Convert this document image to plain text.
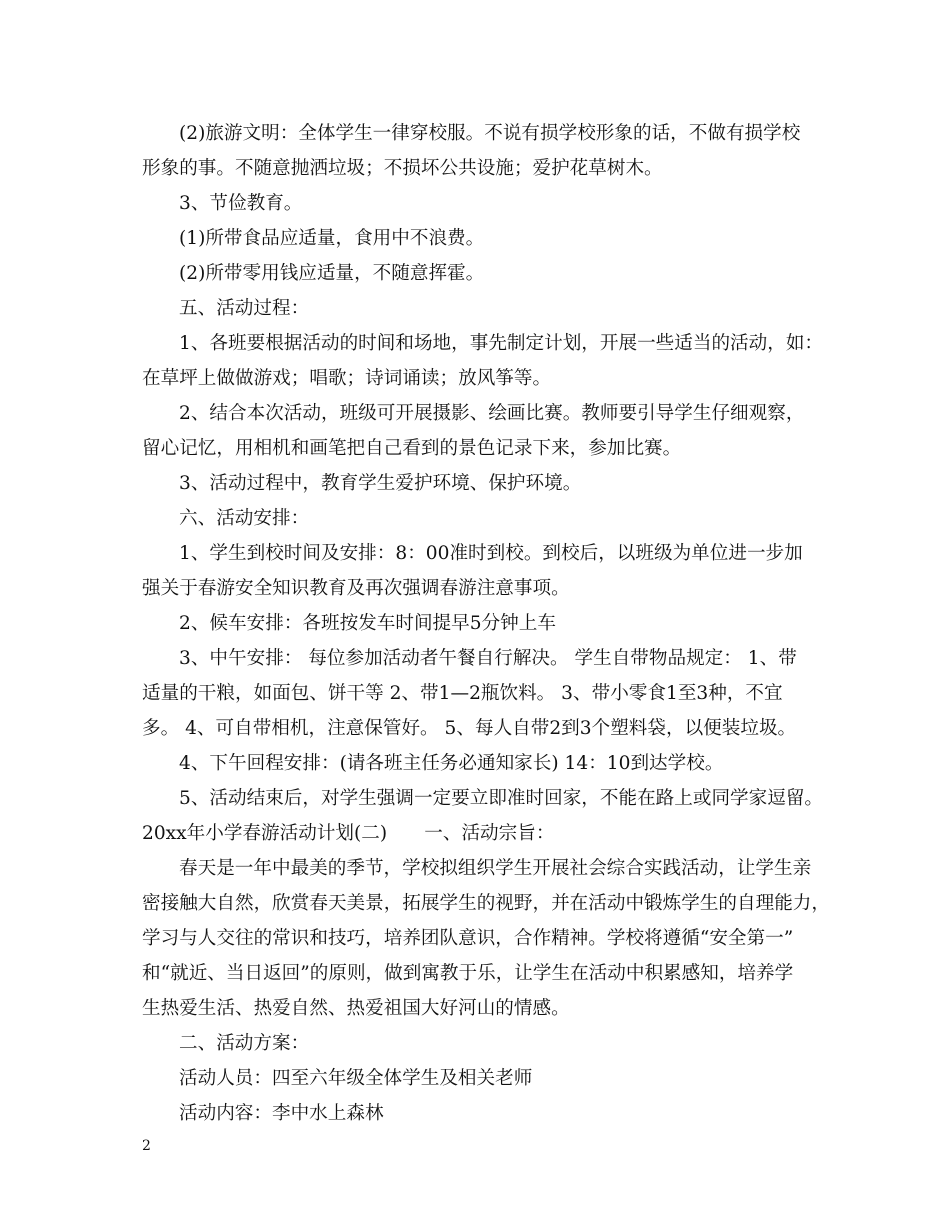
(2)旅游文明：全体学生一律穿校服。不说有损学校形象的话，不做有损学校

形象的事。不随意抛洒垃圾；不损坏公共设施；爱护花草树木。

3、节俭教育。

(1)所带食品应适量，食用中不浪费。

(2)所带零用钱应适量，不随意挥霍。

五、活动过程：

1、各班要根据活动的时间和场地，事先制定计划，开展一些适当的活动，如：

在草坪上做做游戏；唱歌；诗词诵读；放风筝等。

2、结合本次活动，班级可开展摄影、绘画比赛。教师要引导学生仔细观察，

留心记忆，用相机和画笔把自己看到的景色记录下来，参加比赛。

3、活动过程中，教育学生爱护环境、保护环境。

六、活动安排：

1、学生到校时间及安排：8：00准时到校。到校后，以班级为单位进一步加

强关于春游安全知识教育及再次强调春游注意事项。

2、候车安排：各班按发车时间提早5分钟上车

3、中午安排： 每位参加活动者午餐自行解决。 学生自带物品规定： 1、带

适量的干粮，如面包、饼干等 2、带1—2瓶饮料。 3、带小零食1至3种，不宜

多。 4、可自带相机，注意保管好。 5、每人自带2到3个塑料袋，以便装垃圾。

4、下午回程安排：(请各班主任务必通知家长) 14：10到达学校。

5、活动结束后，对学生强调一定要立即准时回家，不能在路上或同学家逗留。

20xx年小学春游活动计划(二)　　一、活动宗旨：

春天是一年中最美的季节，学校拟组织学生开展社会综合实践活动，让学生亲

密接触大自然，欣赏春天美景，拓展学生的视野，并在活动中锻炼学生的自理能力，

学习与人交往的常识和技巧，培养团队意识，合作精神。学校将遵循“安全第一”

和“就近、当日返回”的原则，做到寓教于乐，让学生在活动中积累感知，培养学

生热爱生活、热爱自然、热爱祖国大好河山的情感。

二、活动方案：

活动人员：四至六年级全体学生及相关老师

活动内容：李中水上森林

2
